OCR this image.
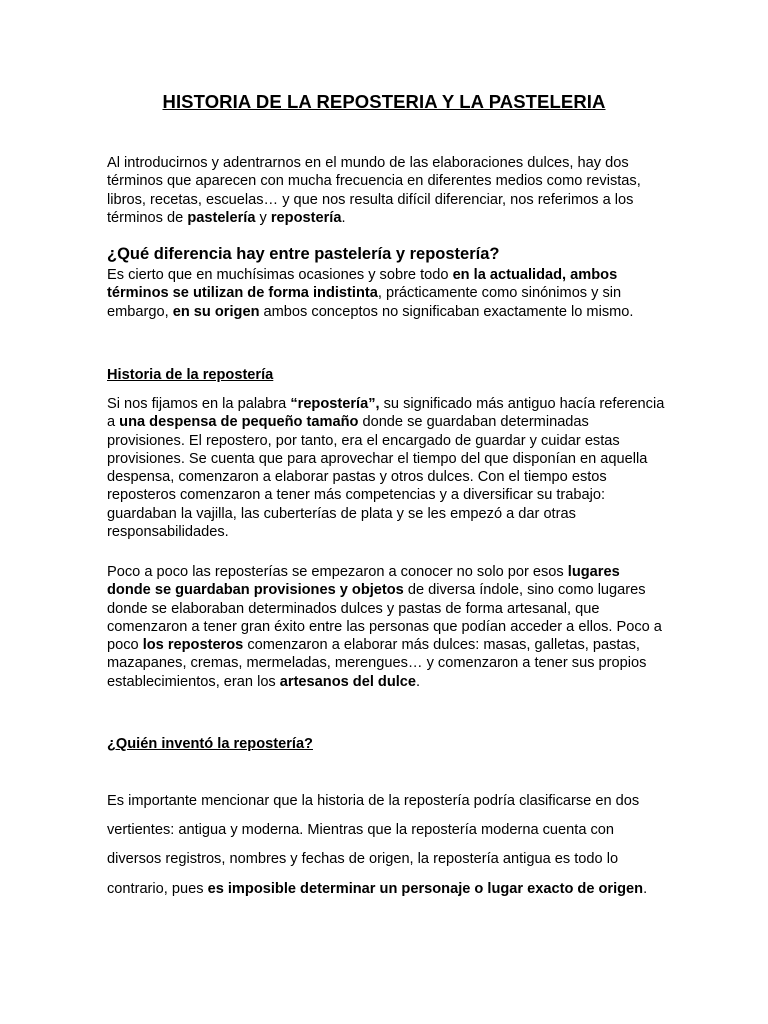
HISTORIA DE LA REPOSTERIA Y LA PASTELERIA

Al introducirnos y adentrarnos en el mundo de las elaboraciones dulces, hay dos términos que aparecen con mucha frecuencia en diferentes medios como revistas, libros, recetas, escuelas… y que nos resulta difícil diferenciar, nos referimos a los términos de pastelería y repostería.

¿Qué diferencia hay entre pastelería y repostería?

Es cierto que en muchísimas ocasiones y sobre todo en la actualidad, ambos términos se utilizan de forma indistinta, prácticamente como sinónimos y sin embargo, en su origen ambos conceptos no significaban exactamente lo mismo.

Historia de la repostería

Si nos fijamos en la palabra “repostería”, su significado más antiguo hacía referencia a una despensa de pequeño tamaño donde se guardaban determinadas provisiones. El repostero, por tanto, era el encargado de guardar y cuidar estas provisiones. Se cuenta que para aprovechar el tiempo del que disponían en aquella despensa, comenzaron a elaborar pastas y otros dulces. Con el tiempo estos reposteros comenzaron a tener más competencias y a diversificar su trabajo: guardaban la vajilla, las cuberterías de plata y se les empezó a dar otras responsabilidades.

Poco a poco las reposterías se empezaron a conocer no solo por esos lugares donde se guardaban provisiones y objetos de diversa índole, sino como lugares donde se elaboraban determinados dulces y pastas de forma artesanal, que comenzaron a tener gran éxito entre las personas que podían acceder a ellos. Poco a poco los reposteros comenzaron a elaborar más dulces: masas, galletas, pastas, mazapanes, cremas, mermeladas, merengues… y comenzaron a tener sus propios establecimientos, eran los artesanos del dulce.

¿Quién inventó la repostería?

Es importante mencionar que la historia de la repostería podría clasificarse en dos vertientes: antigua y moderna. Mientras que la repostería moderna cuenta con diversos registros, nombres y fechas de origen, la repostería antigua es todo lo contrario, pues es imposible determinar un personaje o lugar exacto de origen.
